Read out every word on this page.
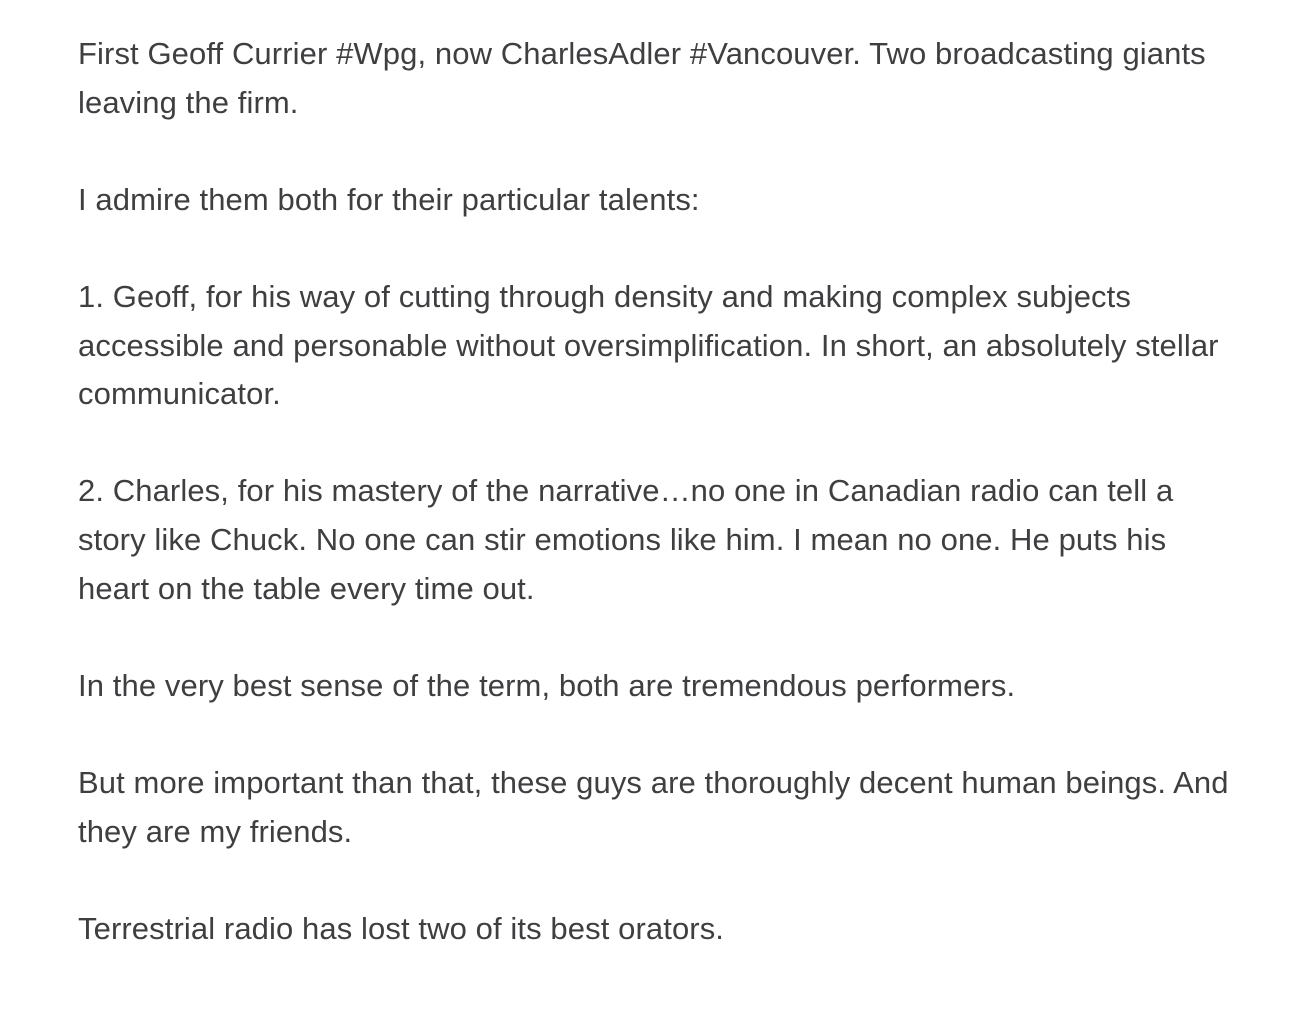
First Geoff Currier #Wpg, now CharlesAdler #Vancouver. Two broadcasting giants leaving the firm.

I admire them both for their particular talents:

1. Geoff, for his way of cutting through density and making complex subjects accessible and personable without oversimplification. In short, an absolutely stellar communicator.

2. Charles, for his mastery of the narrative…no one in Canadian radio can tell a story like Chuck. No one can stir emotions like him. I mean no one. He puts his heart on the table every time out.

In the very best sense of the term, both are tremendous performers.

But more important than that, these guys are thoroughly decent human beings. And they are my friends.

Terrestrial radio has lost two of its best orators.
